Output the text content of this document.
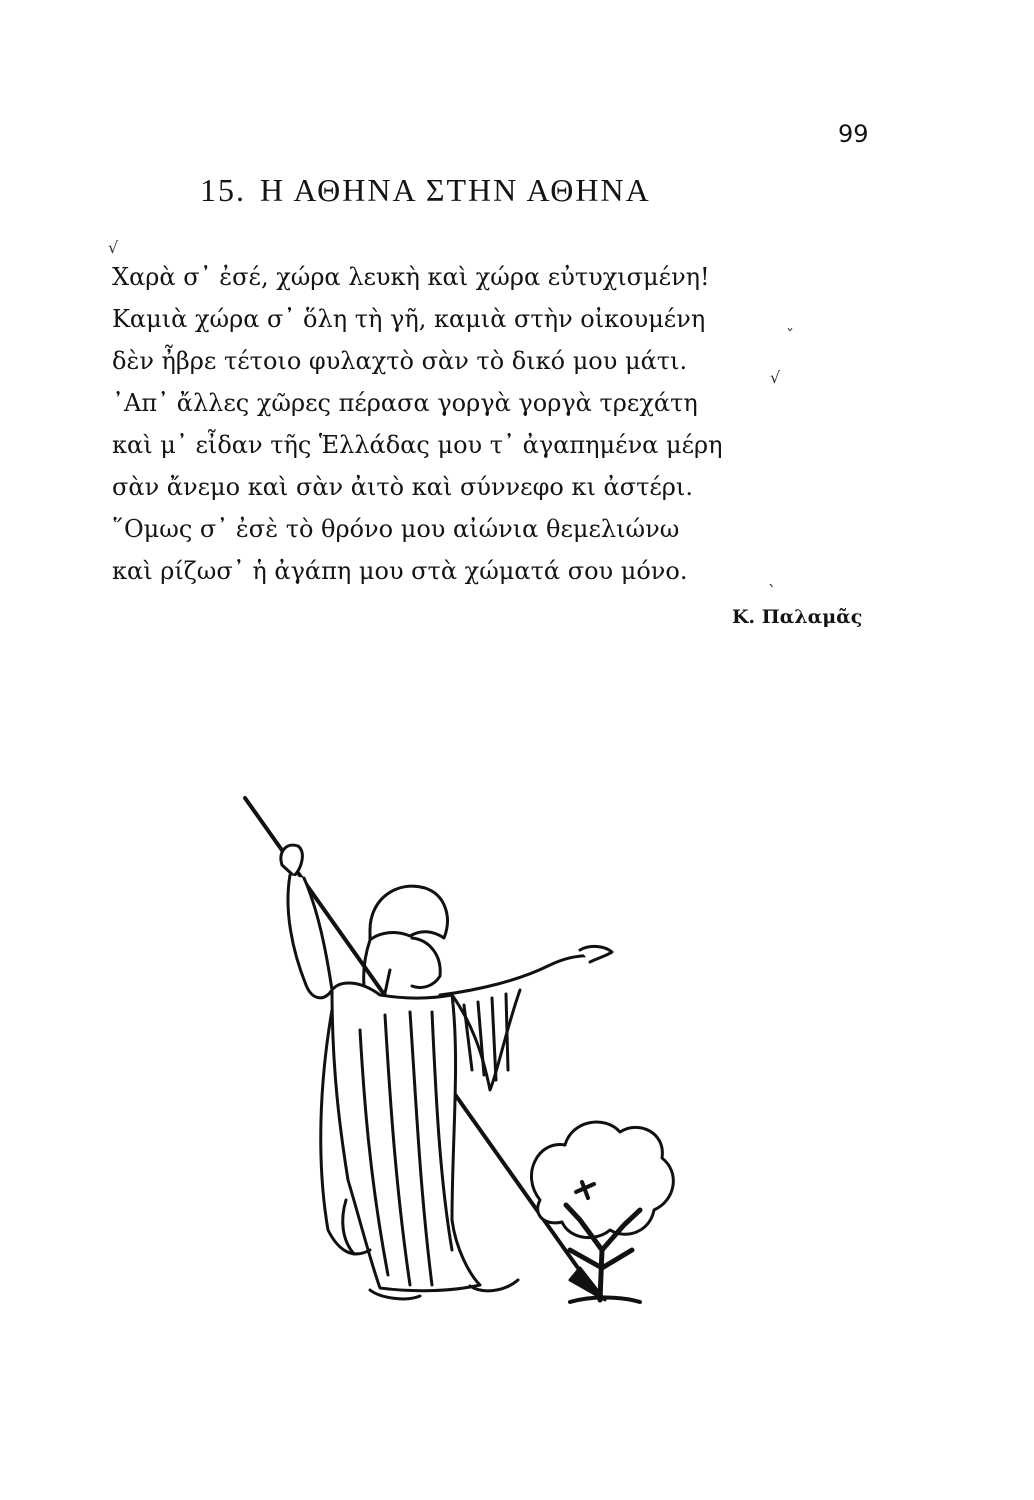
99
15. Η ΑΘΗΝΑ ΣΤΗΝ ΑΘΗΝΑ
√
ˇ
√
ˎ
Χαρὰ σ᾿ ἐσέ, χώρα λευκὴ καὶ χώρα εὐτυχισμένη!
Καμιὰ χώρα σ᾿ ὅλη τὴ γῆ, καμιὰ στὴν οἰκουμένη
δὲν ἦβρε τέτοιο φυλαχτὸ σὰν τὸ δικό μου μάτι.
᾿Απ᾿ ἄλλες χῶρες πέρασα γοργὰ γοργὰ τρεχάτη
καὶ μ᾿ εἶδαν τῆς Ἑλλάδας μου τ᾿ ἀγαπημένα μέρη
σὰν ἄνεμο καὶ σὰν ἀιτὸ καὶ σύννεφο κι ἀστέρι.
῞Ομως σ᾿ ἐσὲ τὸ θρόνο μου αἰώνια θεμελιώνω
καὶ ρίζωσ᾿ ἡ ἀγάπη μου στὰ χώματά σου μόνο.
Κ. Παλαμᾶς
